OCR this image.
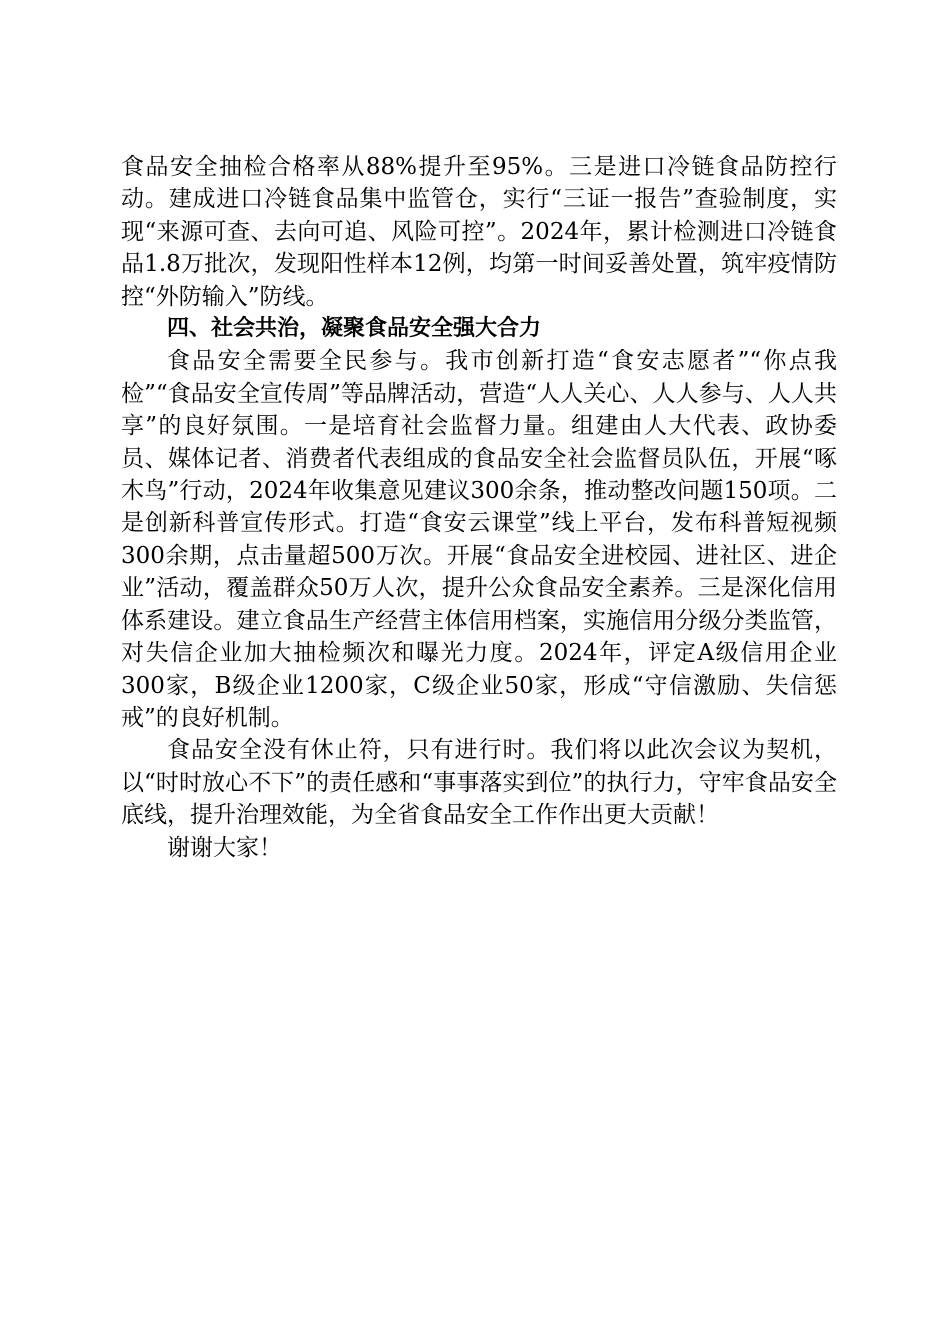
食品安全抽检合格率从88%提升至95%。三是进口冷链食品防控行动。建成进口冷链食品集中监管仓，实行“三证一报告”查验制度，实现“来源可查、去向可追、风险可控”。2024年，累计检测进口冷链食品1.8万批次，发现阳性样本12例，均第一时间妥善处置，筑牢疫情防控“外防输入”防线。

四、社会共治，凝聚食品安全强大合力

食品安全需要全民参与。我市创新打造“食安志愿者”“你点我检”“食品安全宣传周”等品牌活动，营造“人人关心、人人参与、人人共享”的良好氛围。一是培育社会监督力量。组建由人大代表、政协委员、媒体记者、消费者代表组成的食品安全社会监督员队伍，开展“啄木鸟”行动，2024年收集意见建议300余条，推动整改问题150项。二是创新科普宣传形式。打造“食安云课堂”线上平台，发布科普短视频300余期，点击量超500万次。开展“食品安全进校园、进社区、进企业”活动，覆盖群众50万人次，提升公众食品安全素养。三是深化信用体系建设。建立食品生产经营主体信用档案，实施信用分级分类监管，对失信企业加大抽检频次和曝光力度。2024年，评定A级信用企业300家，B级企业1200家，C级企业50家，形成“守信激励、失信惩戒”的良好机制。

食品安全没有休止符，只有进行时。我们将以此次会议为契机，以“时时放心不下”的责任感和“事事落实到位”的执行力，守牢食品安全底线，提升治理效能，为全省食品安全工作作出更大贡献！

谢谢大家！
